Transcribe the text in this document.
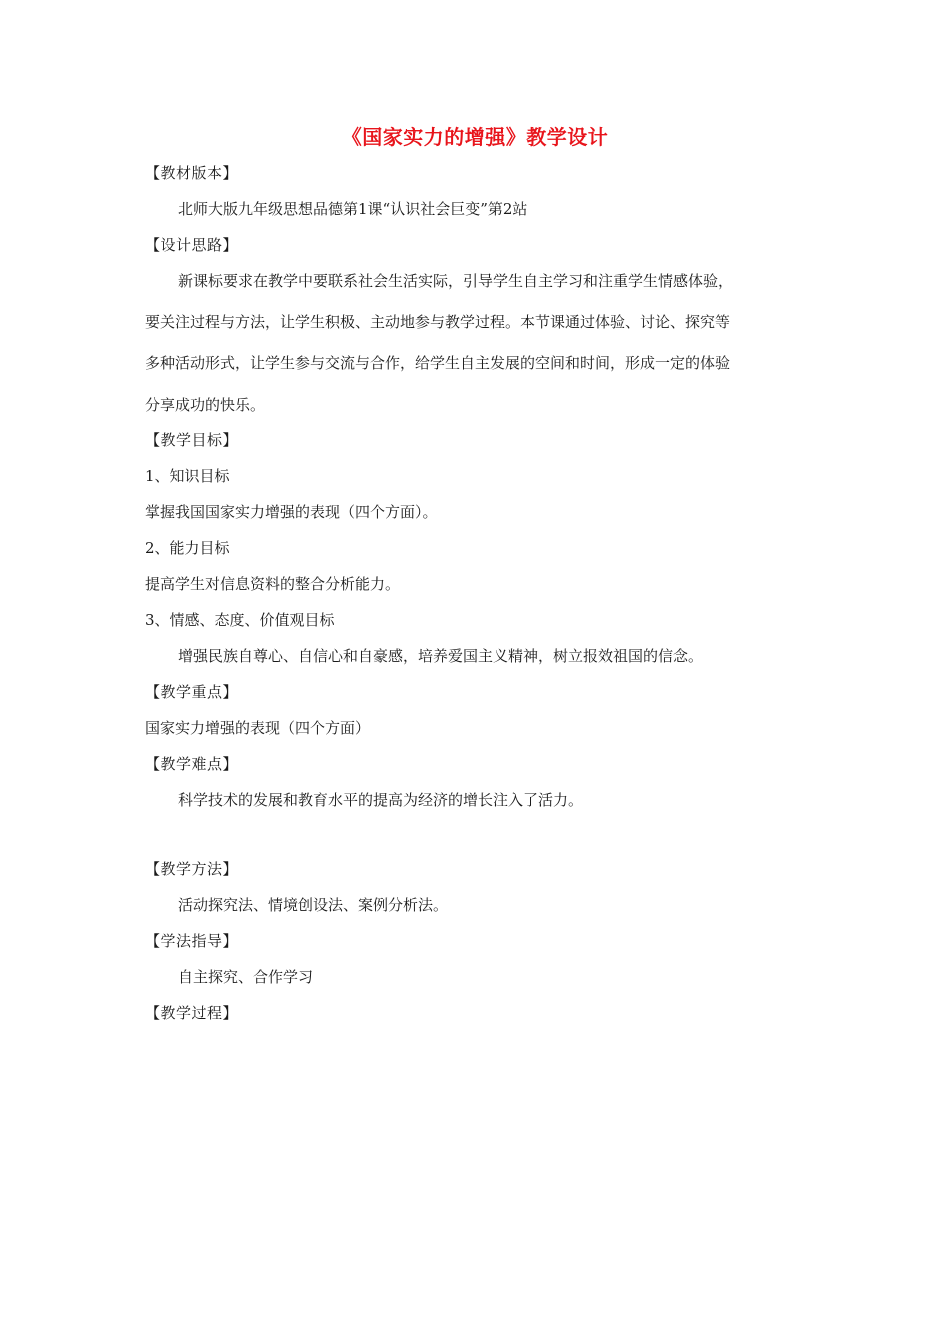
《国家实力的增强》教学设计
【教材版本】
北师大版九年级思想品德第1课“认识社会巨变”第2站
【设计思路】
新课标要求在教学中要联系社会生活实际，引导学生自主学习和注重学生情感体验，
要关注过程与方法，让学生积极、主动地参与教学过程。本节课通过体验、讨论、探究等
多种活动形式，让学生参与交流与合作，给学生自主发展的空间和时间，形成一定的体验
分享成功的快乐。
【教学目标】
1、知识目标
掌握我国国家实力增强的表现（四个方面）。
2、能力目标
提高学生对信息资料的整合分析能力。
3、情感、态度、价值观目标
增强民族自尊心、自信心和自豪感，培养爱国主义精神，树立报效祖国的信念。
【教学重点】
国家实力增强的表现（四个方面）
【教学难点】
科学技术的发展和教育水平的提高为经济的增长注入了活力。
【教学方法】
活动探究法、情境创设法、案例分析法。
【学法指导】
自主探究、合作学习
【教学过程】
